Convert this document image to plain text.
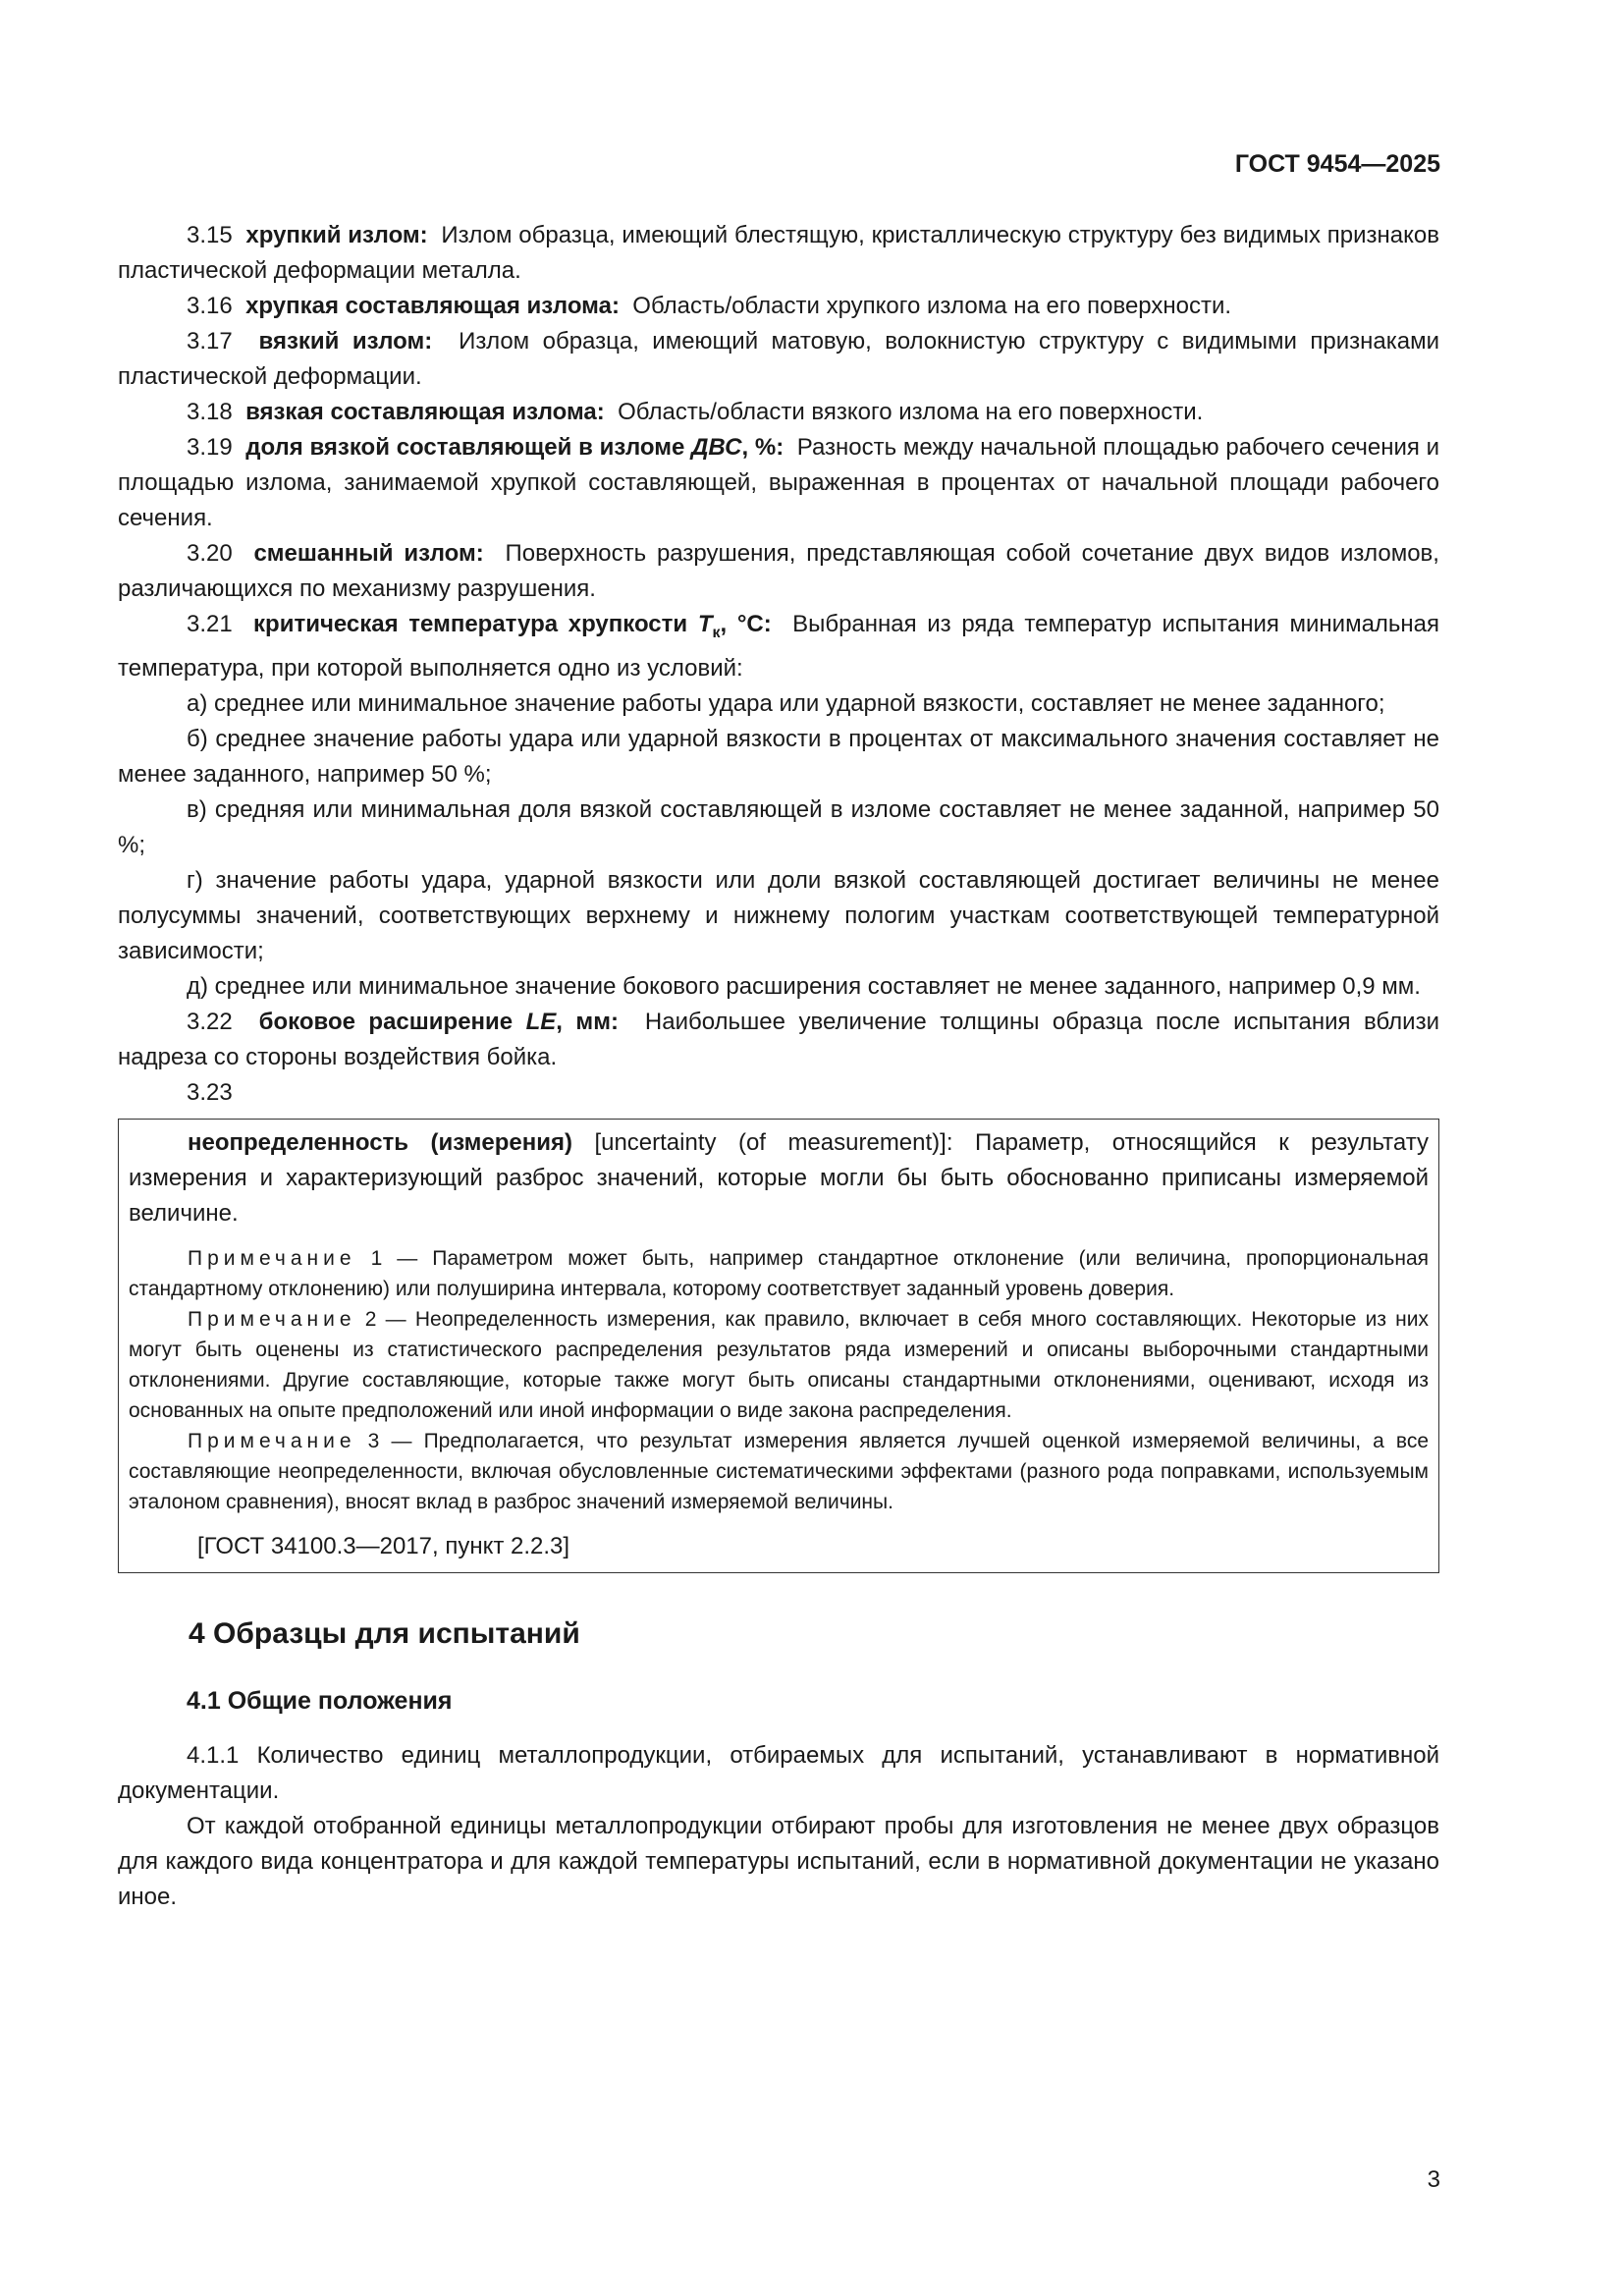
ГОСТ 9454—2025

3.15 хрупкий излом: Излом образца, имеющий блестящую, кристаллическую структуру без видимых признаков пластической деформации металла.

3.16 хрупкая составляющая излома: Область/области хрупкого излома на его поверхности.

3.17 вязкий излом: Излом образца, имеющий матовую, волокнистую структуру с видимыми признаками пластической деформации.

3.18 вязкая составляющая излома: Область/области вязкого излома на его поверхности.

3.19 доля вязкой составляющей в изломе ДВС, %: Разность между начальной площадью рабочего сечения и площадью излома, занимаемой хрупкой составляющей, выраженная в процентах от начальной площади рабочего сечения.

3.20 смешанный излом: Поверхность разрушения, представляющая собой сочетание двух видов изломов, различающихся по механизму разрушения.

3.21 критическая температура хрупкости $T_к$, °С: Выбранная из ряда температур испытания минимальная температура, при которой выполняется одно из условий:

а) среднее или минимальное значение работы удара или ударной вязкости, составляет не менее заданного;

б) среднее значение работы удара или ударной вязкости в процентах от максимального значения составляет не менее заданного, например 50 %;

в) средняя или минимальная доля вязкой составляющей в изломе составляет не менее заданной, например 50 %;

г) значение работы удара, ударной вязкости или доли вязкой составляющей достигает величины не менее полусуммы значений, соответствующих верхнему и нижнему пологим участкам соответствующей температурной зависимости;

д) среднее или минимальное значение бокового расширения составляет не менее заданного, например 0,9 мм.

3.22 боковое расширение LE, мм: Наибольшее увеличение толщины образца после испытания вблизи надреза со стороны воздействия бойка.

3.23

неопределенность (измерения) [uncertainty (of measurement)]: Параметр, относящийся к результату измерения и характеризующий разброс значений, которые могли бы быть обоснованно приписаны измеряемой величине.

Примечание 1 — Параметром может быть, например стандартное отклонение (или величина, пропорциональная стандартному отклонению) или полуширина интервала, которому соответствует заданный уровень доверия.

Примечание 2 — Неопределенность измерения, как правило, включает в себя много составляющих. Некоторые из них могут быть оценены из статистического распределения результатов ряда измерений и описаны выборочными стандартными отклонениями. Другие составляющие, которые также могут быть описаны стандартными отклонениями, оценивают, исходя из основанных на опыте предположений или иной информации о виде закона распределения.

Примечание 3 — Предполагается, что результат измерения является лучшей оценкой измеряемой величины, а все составляющие неопределенности, включая обусловленные систематическими эффектами (разного рода поправками, используемым эталоном сравнения), вносят вклад в разброс значений измеряемой величины.

[ГОСТ 34100.3—2017, пункт 2.2.3]
4 Образцы для испытаний
4.1 Общие положения

4.1.1 Количество единиц металлопродукции, отбираемых для испытаний, устанавливают в нормативной документации.

От каждой отобранной единицы металлопродукции отбирают пробы для изготовления не менее двух образцов для каждого вида концентратора и для каждой температуры испытаний, если в нормативной документации не указано иное.

3
